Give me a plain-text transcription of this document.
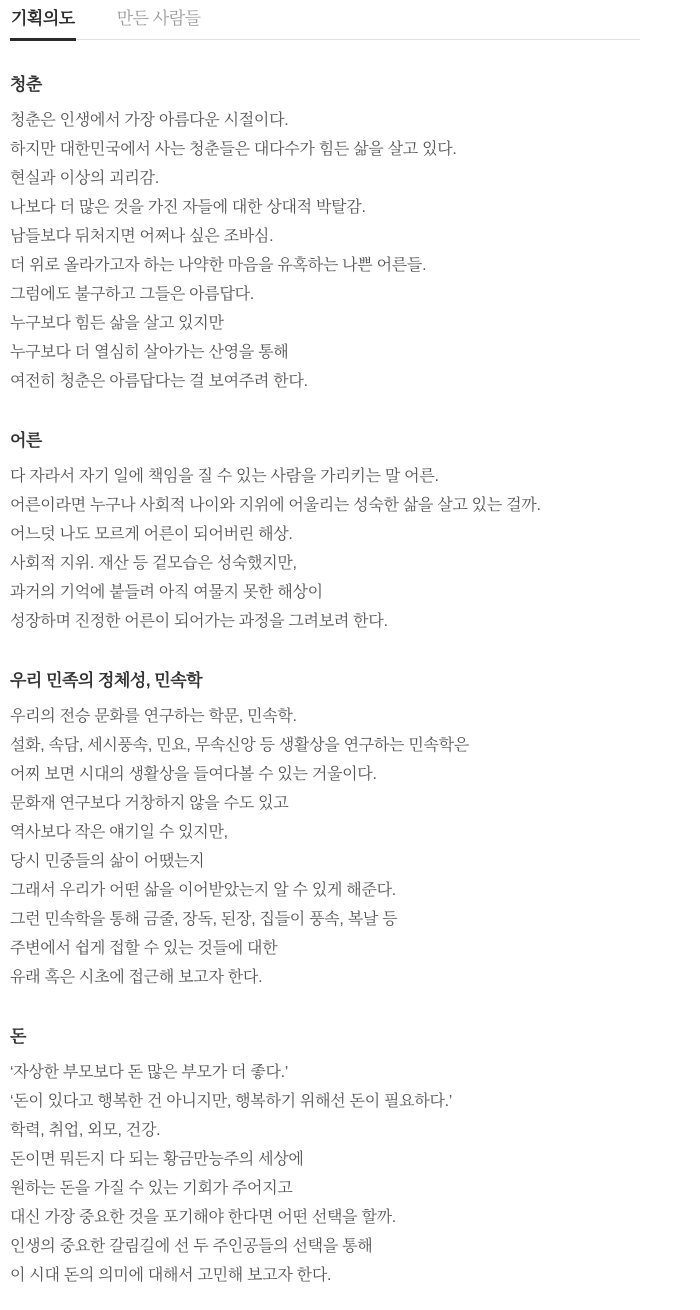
기획의도 만든 사람들
청춘

청춘은 인생에서 가장 아름다운 시절이다.

하지만 대한민국에서 사는 청춘들은 대다수가 힘든 삶을 살고 있다.

현실과 이상의 괴리감.

나보다 더 많은 것을 가진 자들에 대한 상대적 박탈감.

남들보다 뒤처지면 어쩌나 싶은 조바심.

더 위로 올라가고자 하는 나약한 마음을 유혹하는 나쁜 어른들.

그럼에도 불구하고 그들은 아름답다.

누구보다 힘든 삶을 살고 있지만

누구보다 더 열심히 살아가는 산영을 통해

여전히 청춘은 아름답다는 걸 보여주려 한다.

어른

다 자라서 자기 일에 책임을 질 수 있는 사람을 가리키는 말 어른.

어른이라면 누구나 사회적 나이와 지위에 어울리는 성숙한 삶을 살고 있는 걸까.

어느덧 나도 모르게 어른이 되어버린 해상.

사회적 지위. 재산 등 겉모습은 성숙했지만,

과거의 기억에 붙들려 아직 여물지 못한 해상이

성장하며 진정한 어른이 되어가는 과정을 그려보려 한다.

우리 민족의 정체성, 민속학

우리의 전승 문화를 연구하는 학문, 민속학.

설화, 속담, 세시풍속, 민요, 무속신앙 등 생활상을 연구하는 민속학은

어찌 보면 시대의 생활상을 들여다볼 수 있는 거울이다.

문화재 연구보다 거창하지 않을 수도 있고

역사보다 작은 얘기일 수 있지만,

당시 민중들의 삶이 어땠는지

그래서 우리가 어떤 삶을 이어받았는지 알 수 있게 해준다.

그런 민속학을 통해 금줄, 장독, 된장, 집들이 풍속, 복날 등

주변에서 쉽게 접할 수 있는 것들에 대한

유래 혹은 시초에 접근해 보고자 한다.

돈

‘자상한 부모보다 돈 많은 부모가 더 좋다.’

‘돈이 있다고 행복한 건 아니지만, 행복하기 위해선 돈이 필요하다.’

학력, 취업, 외모, 건강.

돈이면 뭐든지 다 되는 황금만능주의 세상에

원하는 돈을 가질 수 있는 기회가 주어지고

대신 가장 중요한 것을 포기해야 한다면 어떤 선택을 할까.

인생의 중요한 갈림길에 선 두 주인공들의 선택을 통해

이 시대 돈의 의미에 대해서 고민해 보고자 한다.
